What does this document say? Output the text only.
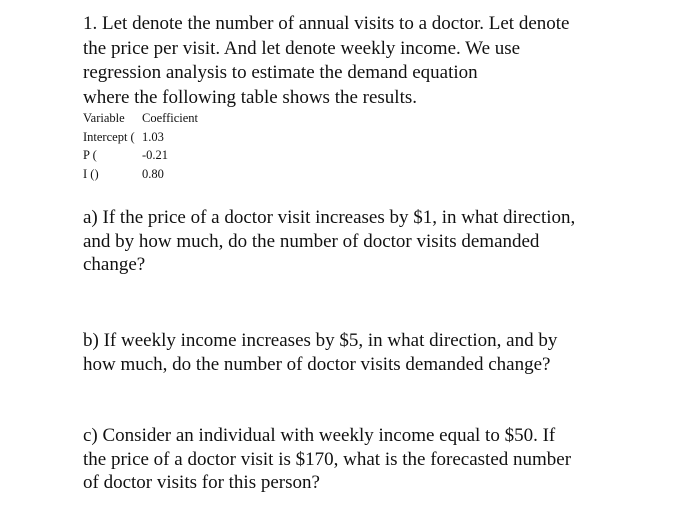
1. Let denote the number of annual visits to a doctor. Let denote
the price per visit. And let denote weekly income. We use
regression analysis to estimate the demand equation
where the following table shows the results.

Variable	Coefficient
Intercept (	1.03
P (	-0.21
I ()	0.80

a) If the price of a doctor visit increases by $1, in what direction,
and by how much, do the number of doctor visits demanded
change?

b) If weekly income increases by $5, in what direction, and by
how much, do the number of doctor visits demanded change?

c) Consider an individual with weekly income equal to $50. If
the price of a doctor visit is $170, what is the forecasted number
of doctor visits for this person?
